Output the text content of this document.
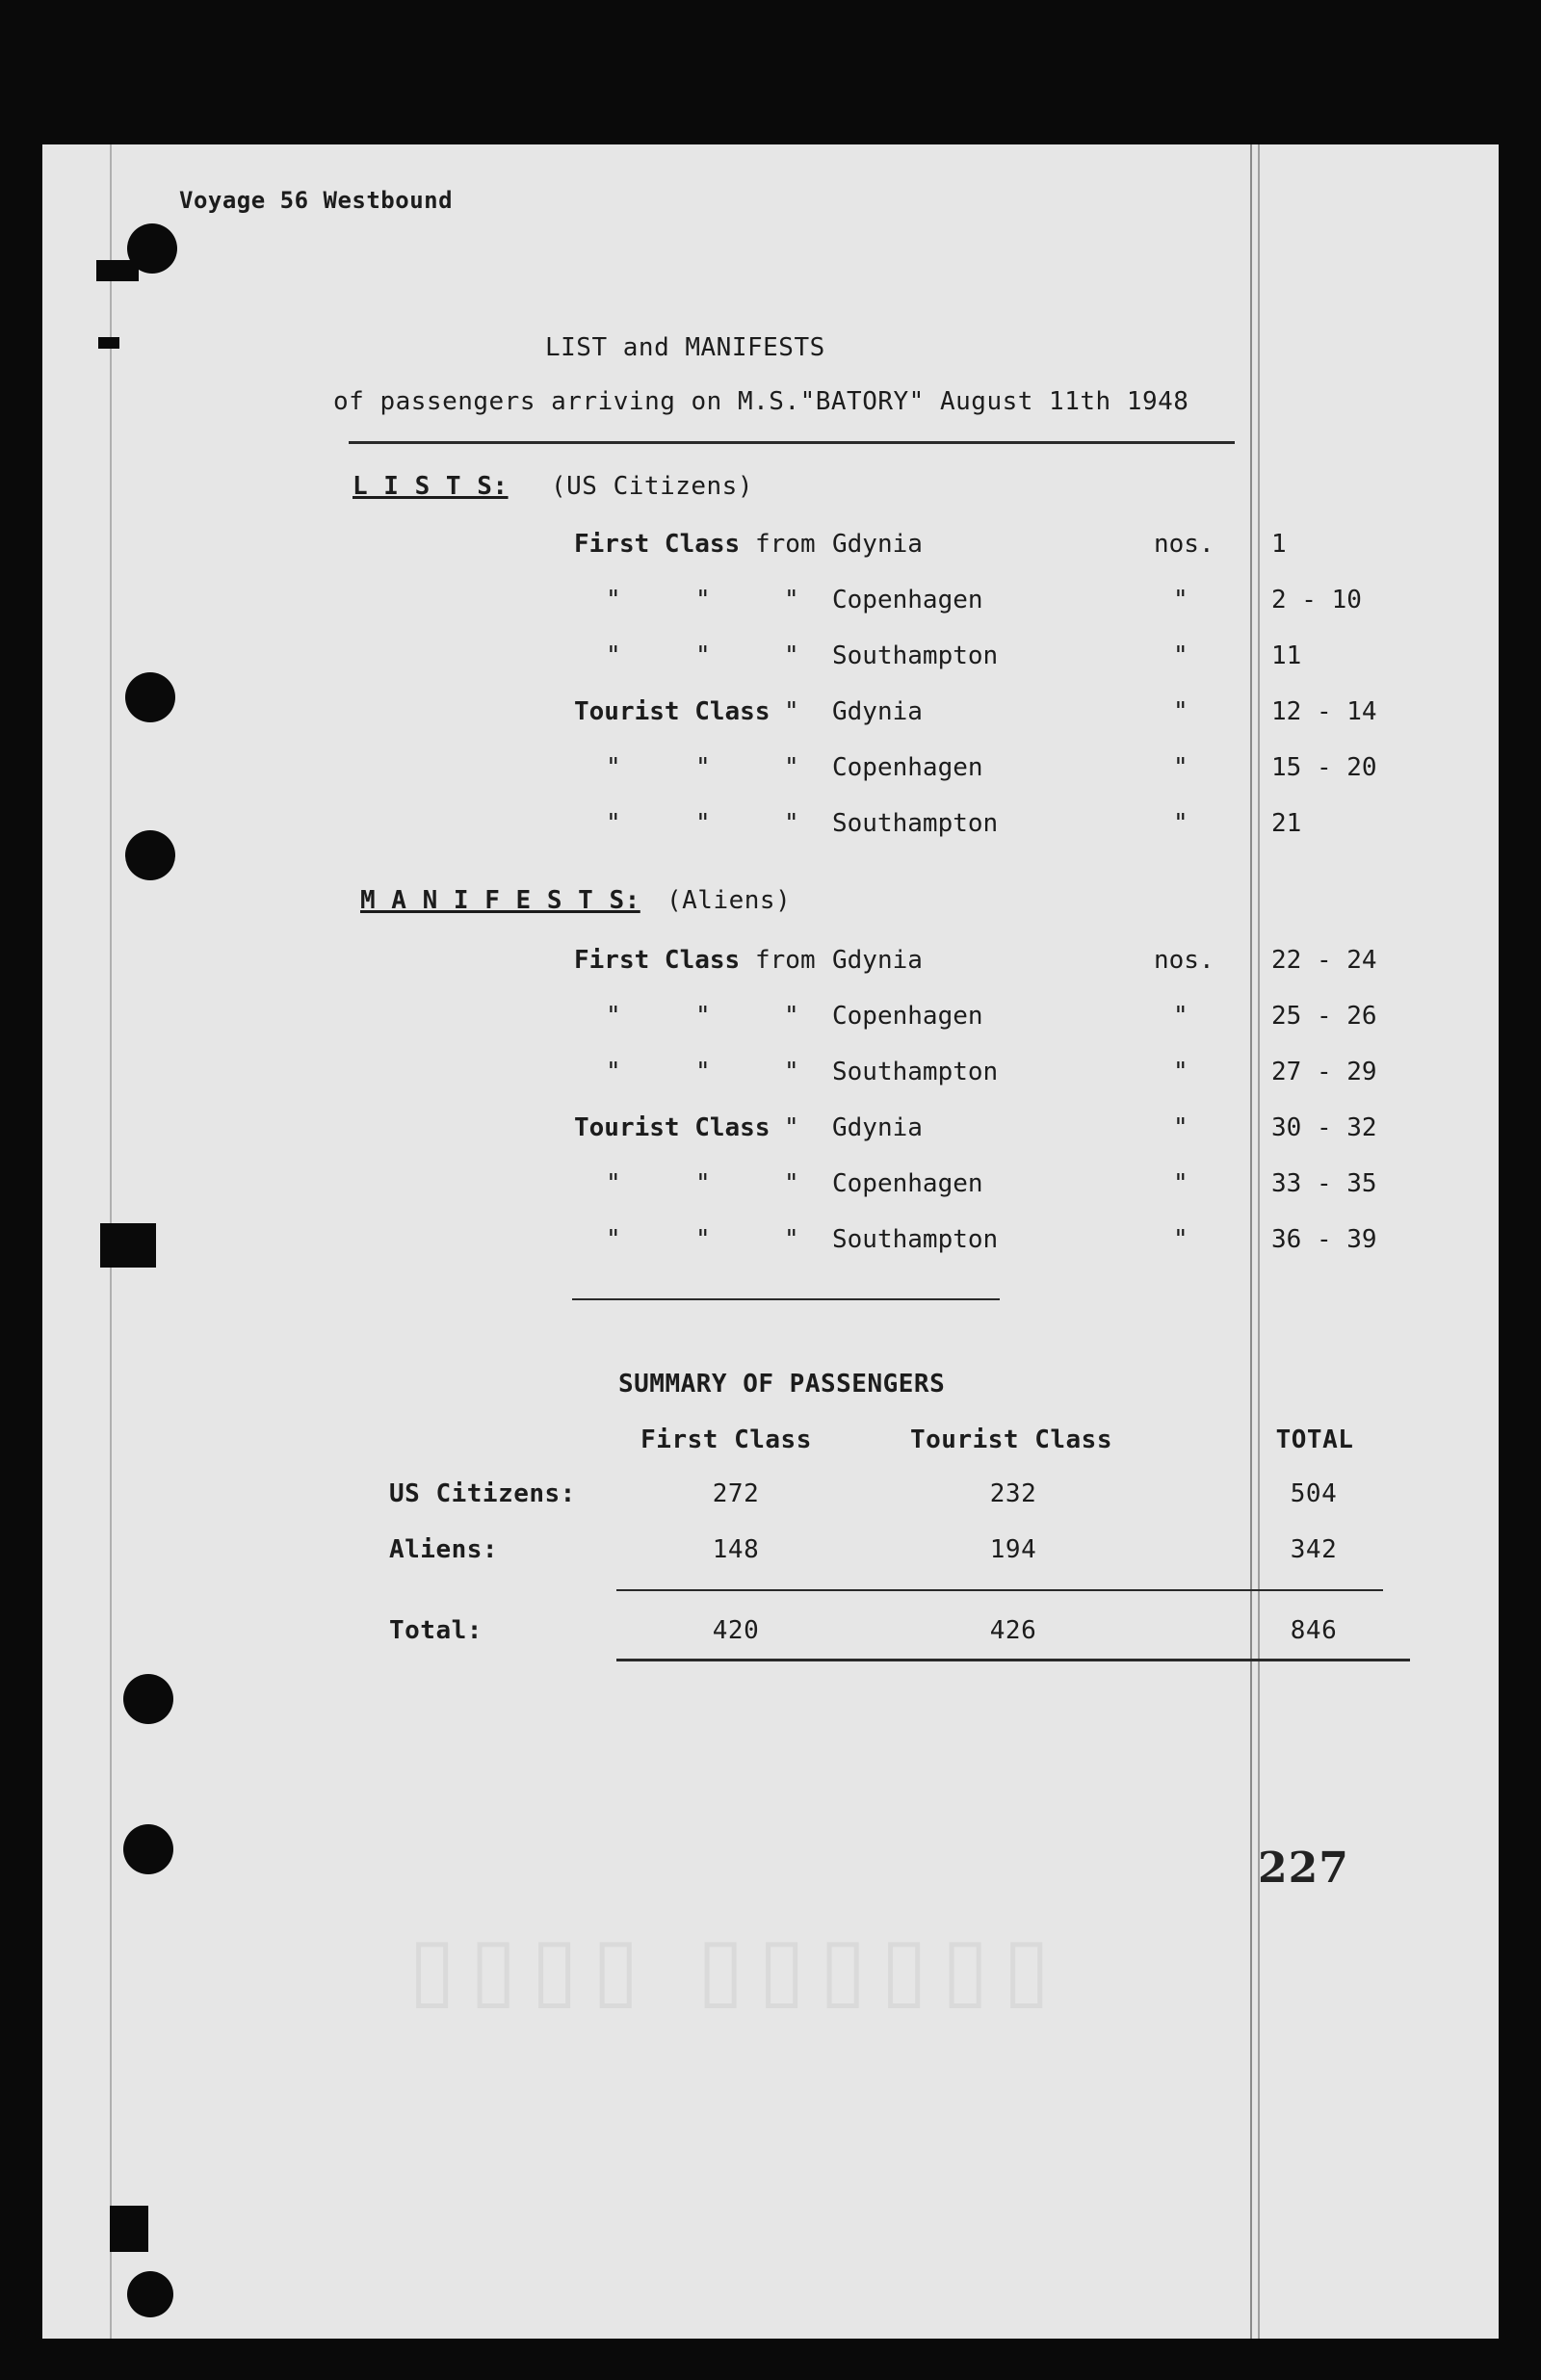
▯▯▯▯ ▯▯▯▯▯▯
Voyage 56 Westbound
LIST and MANIFESTS
of passengers arriving on M.S."BATORY" August 11th 1948
L I S T S: (US Citizens)
First Class from Gdynia	nos. 1
"	"	" Copenhagen	"	2 - 10
"	"	" Southampton	"	11
Tourist Class " Gdynia	"	12 - 14
"	"	" Copenhagen	"	15 - 20
"	"	" Southampton	"	21
M A N I F E S T S: (Aliens)
First Class from Gdynia	nos. 22 - 24
"	"	" Copenhagen	"	25 - 26
"	"	" Southampton	"	27 - 29
Tourist Class " Gdynia	"	30 - 32
"	"	" Copenhagen	"	33 - 35
"	"	" Southampton	"	36 - 39
SUMMARY OF PASSENGERS
First Class	Tourist Class	TOTAL
US Citizens:	272	232	504
Aliens:	148	194	342
Total:	420	426	846
227
